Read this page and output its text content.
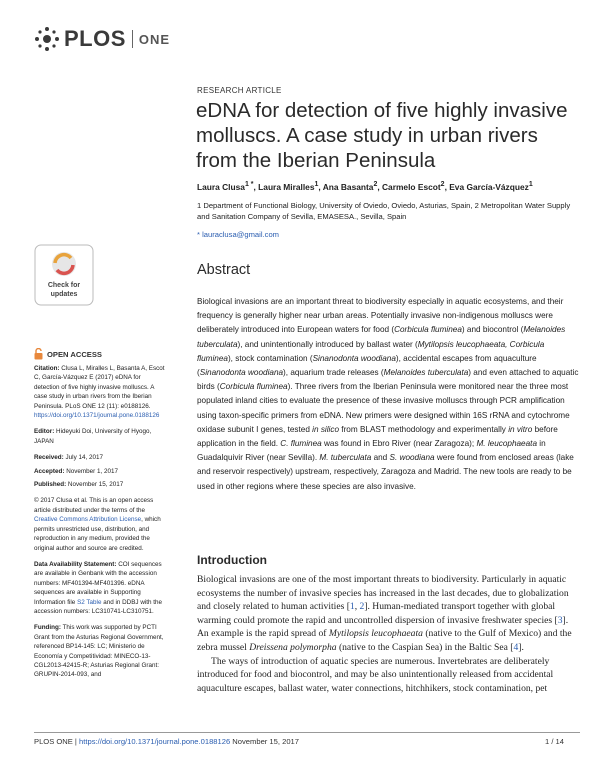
PLOS ONE
RESEARCH ARTICLE
eDNA for detection of five highly invasive molluscs. A case study in urban rivers from the Iberian Peninsula
Laura Clusa$^1$ *, Laura Miralles$^1$, Ana Basanta$^2$, Carmelo Escot$^2$, Eva García-Vázquez$^1$
1 Department of Functional Biology, University of Oviedo, Oviedo, Asturias, Spain, 2 Metropolitan Water Supply and Sanitation Company of Sevilla, EMASESA., Sevilla, Spain
* lauraclusa@gmail.com
Check for
updates
Abstract
Biological invasions are an important threat to biodiversity especially in aquatic ecosystems, and their frequency is generally higher near urban areas. Potentially invasive non-indigenous molluscs were deliberately introduced into European waters for food (Corbicula fluminea) and biocontrol (Melanoides tuberculata), and unintentionally introduced by ballast water (Mytilopsis leucophaeata, Corbicula fluminea), stock contamination (Sinanodonta woodiana), accidental escapes from aquaculture (Sinanodonta woodiana), aquarium trade releases (Melanoides tuberculata) and even attached to aquatic birds (Corbicula fluminea). Three rivers from the Iberian Peninsula were monitored near the three most populated inland cities to evaluate the presence of these invasive molluscs through PCR amplification using taxon-specific primers from eDNA. New primers were designed within 16S rRNA and cytochrome oxidase subunit I genes, tested in silico from BLAST methodology and experimentally in vitro before application in the field. C. fluminea was found in Ebro River (near Zaragoza); M. leucophaeata in Guadalquivir River (near Sevilla). M. tuberculata and S. woodiana were found from enclosed areas (lake and reservoir respectively) upstream, respectively, Zaragoza and Madrid. The new tools are ready to be used in other regions where these species are also invasive.
OPEN ACCESS

Citation: Clusa L, Miralles L, Basanta A, Escot C, García-Vázquez E (2017) eDNA for detection of five highly invasive molluscs. A case study in urban rivers from the Iberian Peninsula. PLoS ONE 12 (11): e0188126. https://doi.org/10.1371/journal.pone.0188126

Editor: Hideyuki Doi, University of Hyogo, JAPAN

Received: July 14, 2017

Accepted: November 1, 2017

Published: November 15, 2017

© 2017 Clusa et al. This is an open access article distributed under the terms of the Creative Commons Attribution License, which permits unrestricted use, distribution, and reproduction in any medium, provided the original author and source are credited.

Data Availability Statement: COI sequences are available in Genbank with the accession numbers: MF401394-MF401396. eDNA sequences are available in Supporting Information file S2 Table and in DDBJ with the accession numbers: LC310741-LC310751.

Funding: This work was supported by PCTI Grant from the Asturias Regional Government, referenced BP14-145: LC; Ministerio de Economía y Competitividad: MINECO-13-CGL2013-42415-R; Asturias Regional Grant: GRUPIN-2014-093, and

Introduction

Biological invasions are one of the most important threats to biodiversity. Particularly in aquatic ecosystems the number of invasive species has increased in the last decades, due to globalization and closely related to human activities [1, 2]. Human-mediated transport together with global warming could promote the rapid and uncontrolled dispersion of invasive freshwater species [3]. An example is the rapid spread of Mytilopsis leucophaeata (native to the Gulf of Mexico) and the zebra mussel Dreissena polymorpha (native to the Caspian Sea) in the Baltic Sea [4].

The ways of introduction of aquatic species are numerous. Invertebrates are deliberately introduced for food and biocontrol, and may be also unintentionally released from accidental aquaculture escapes, ballast water, water connections, hitchhikers, stock contamination, pet

PLOS ONE | https://doi.org/10.1371/journal.pone.0188126 November 15, 2017	1 / 14
